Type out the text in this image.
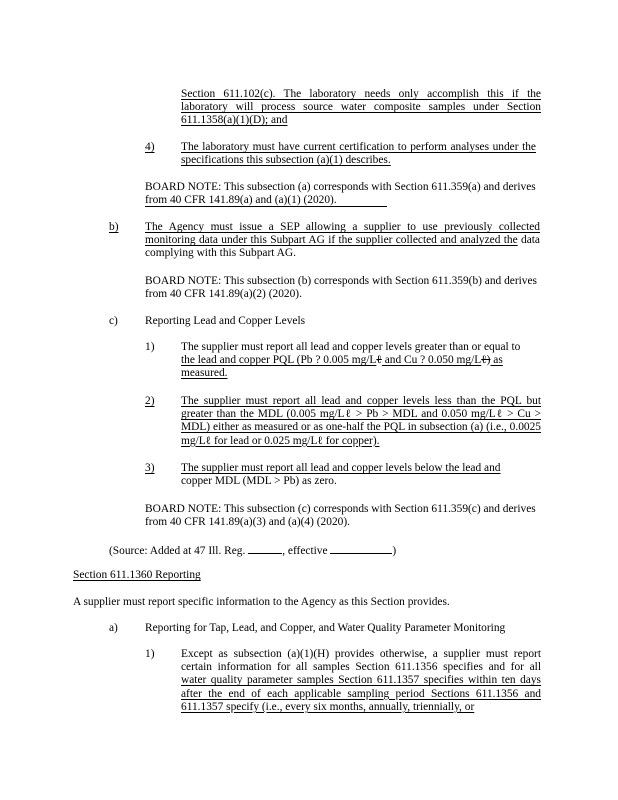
Section 611.102(c). The laboratory needs only accomplish this if the laboratory will process source water composite samples under Section 611.1358(a)(1)(D); and

4) The laboratory must have current certification to perform analyses under the specifications this subsection (a)(1) describes.

BOARD NOTE: This subsection (a) corresponds with Section 611.359(a) and derives from 40 CFR 141.89(a) and (a)(1) (2020).

b) The Agency must issue a SEP allowing a supplier to use previously collected monitoring data under this Subpart AG if the supplier collected and analyzed the data complying with this Subpart AG.

BOARD NOTE: This subsection (b) corresponds with Section 611.359(b) and derives from 40 CFR 141.89(a)(2) (2020).

c) Reporting Lead and Copper Levels
1) The supplier must report all lead and copper levels greater than or equal to
the lead and copper PQL (Pb ? 0.005 mg/Lℓ and Cu ? 0.050 mg/Lℓ) as measured.

2) The supplier must report all lead and copper levels less than the PQL but greater than the MDL (0.005 mg/Lℓ > Pb > MDL and 0.050 mg/Lℓ > Cu > MDL) either as measured or as one-half the PQL in subsection (a) (i.e., 0.0025 mg/Lℓ for lead or 0.025 mg/Lℓ for copper).

3) The supplier must report all lead and copper levels below the lead and
copper MDL (MDL > Pb) as zero.

BOARD NOTE: This subsection (c) corresponds with Section 611.359(c) and derives from 40 CFR 141.89(a)(3) and (a)(4) (2020).

(Source: Added at 47 Ill. Reg.	, effective	)

Section 611.1360 Reporting

A supplier must report specific information to the Agency as this Section provides.

a) Reporting for Tap, Lead, and Copper, and Water Quality Parameter Monitoring
1) Except as subsection (a)(1)(H) provides otherwise, a supplier must report certain information for all samples Section 611.1356 specifies and for all water quality parameter samples Section 611.1357 specifies within ten days after the end of each applicable sampling period Sections 611.1356 and 611.1357 specify (i.e., every six months, annually, triennially, or
